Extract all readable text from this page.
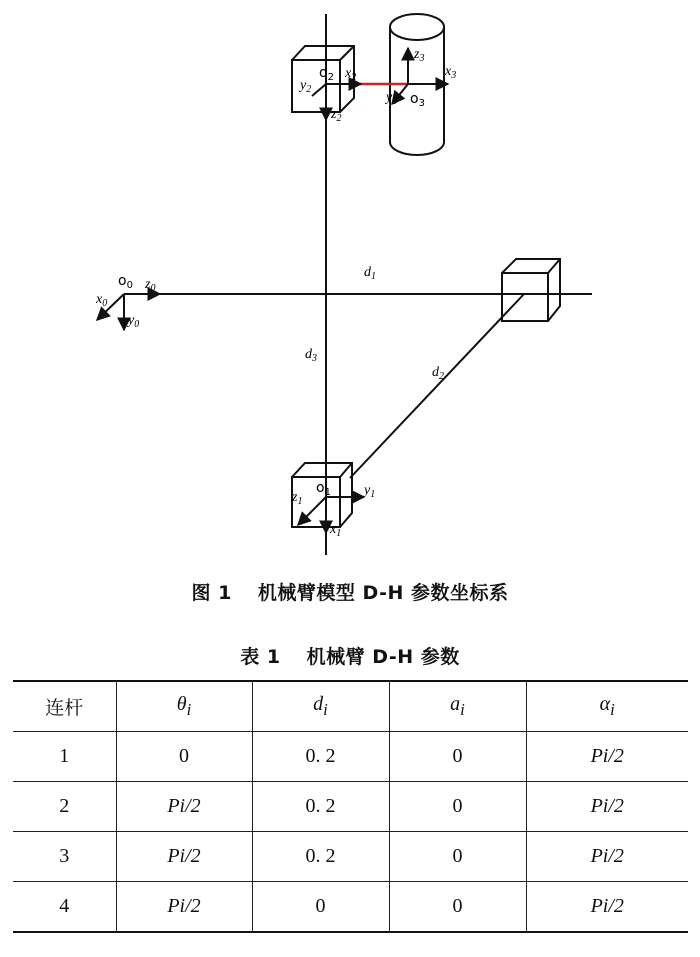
$o_0$ $z_0$
$x_0$
$y_0$
$o_2$ $x_2$
$y_2$
$z_2$
$z_3$
$x_3$
$y_3$ $o_3$
$o_1$ $y_1$
$z_1$
$x_1$
$d_1$
$d_2$
$d_3$
图 1 机械臂模型 D-H 参数坐标系
表 1 机械臂 D-H 参数
连杆	$\theta_i$	$d_i$	$a_i$	$\alpha_i$
1	0	0. 2	0	Pi/2
2	Pi/2	0. 2	0	Pi/2
3	Pi/2	0. 2	0	Pi/2
4	Pi/2	0	0	Pi/2
